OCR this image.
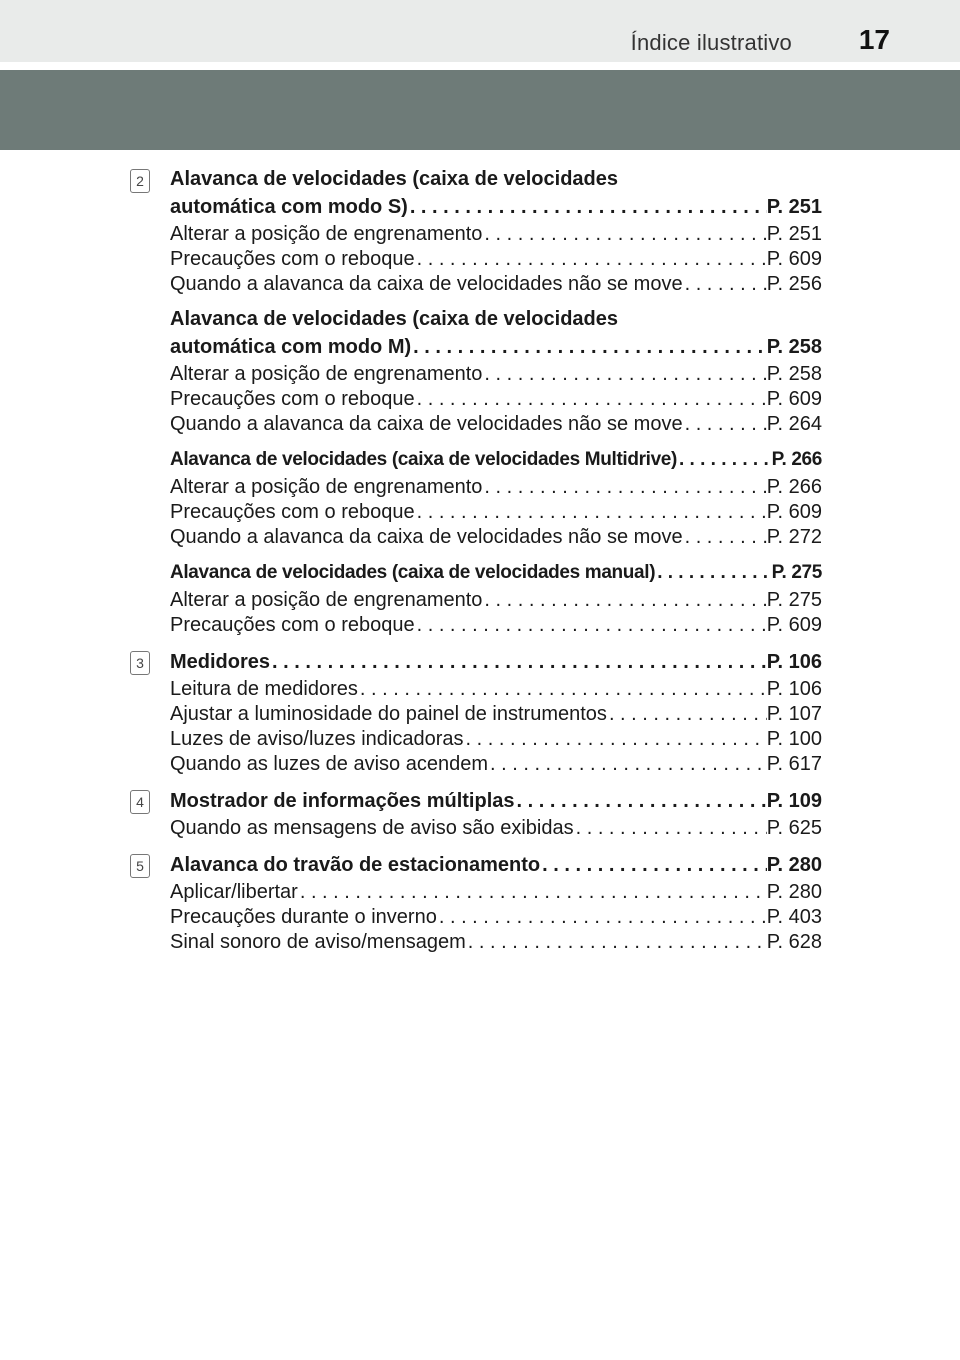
Índice ilustrativo 17
2	Alavanca de velocidades (caixa de velocidades
automática com modo S) . . .	P. 251
Alterar a posição de engrenamento . . .	P. 251
Precauções com o reboque . . .	P. 609
Quando a alavanca da caixa de velocidades não se move . . .	P. 256
Alavanca de velocidades (caixa de velocidades
automática com modo M) . . .	P. 258
Alterar a posição de engrenamento . . .	P. 258
Precauções com o reboque . . .	P. 609
Quando a alavanca da caixa de velocidades não se move . . .	P. 264
Alavanca de velocidades (caixa de velocidades Multidrive) . . .	P. 266
Alterar a posição de engrenamento . . .	P. 266
Precauções com o reboque . . .	P. 609
Quando a alavanca da caixa de velocidades não se move . . .	P. 272
Alavanca de velocidades (caixa de velocidades manual) . . .	P. 275
Alterar a posição de engrenamento . . .	P. 275
Precauções com o reboque . . .	P. 609
3	Medidores . . .	P. 106
Leitura de medidores . . .	P. 106
Ajustar a luminosidade do painel de instrumentos . . .	P. 107
Luzes de aviso/luzes indicadoras . . .	P. 100
Quando as luzes de aviso acendem . . .	P. 617
4	Mostrador de informações múltiplas . . .	P. 109
Quando as mensagens de aviso são exibidas . . .	P. 625
5	Alavanca do travão de estacionamento . . .	P. 280
Aplicar/libertar . . .	P. 280
Precauções durante o inverno . . .	P. 403
Sinal sonoro de aviso/mensagem . . .	P. 628
